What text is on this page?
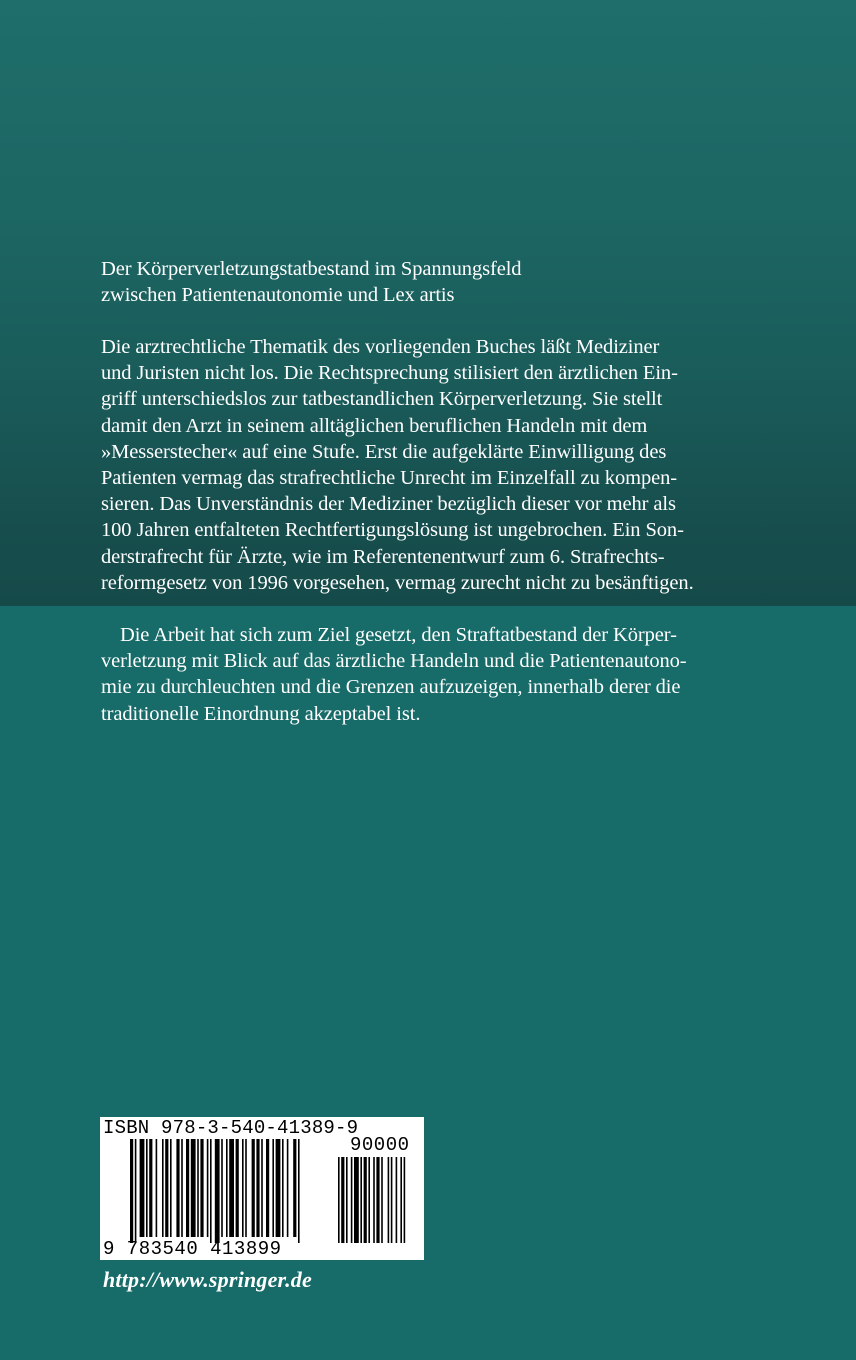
Der Körperverletzungstatbestand im Spannungsfeld
zwischen Patientenautonomie und Lex artis
Die arztrechtliche Thematik des vorliegenden Buches läßt Mediziner
und Juristen nicht los. Die Rechtsprechung stilisiert den ärztlichen Ein-
griff unterschiedslos zur tatbestandlichen Körperverletzung. Sie stellt
damit den Arzt in seinem alltäglichen beruflichen Handeln mit dem
»Messerstecher« auf eine Stufe. Erst die aufgeklärte Einwilligung des
Patienten vermag das strafrechtliche Unrecht im Einzelfall zu kompen-
sieren. Das Unverständnis der Mediziner bezüglich dieser vor mehr als
100 Jahren entfalteten Rechtfertigungslösung ist ungebrochen. Ein Son-
derstrafrecht für Ärzte, wie im Referentenentwurf zum 6. Strafrechts-
reformgesetz von 1996 vorgesehen, vermag zurecht nicht zu besänftigen.
Die Arbeit hat sich zum Ziel gesetzt, den Straftatbestand der Körper-
verletzung mit Blick auf das ärztliche Handeln und die Patientenautono-
mie zu durchleuchten und die Grenzen aufzuzeigen, innerhalb derer die
traditionelle Einordnung akzeptabel ist.
ISBN 978-3-540-41389-9
90000
9 783540 413899
http://www.springer.de
